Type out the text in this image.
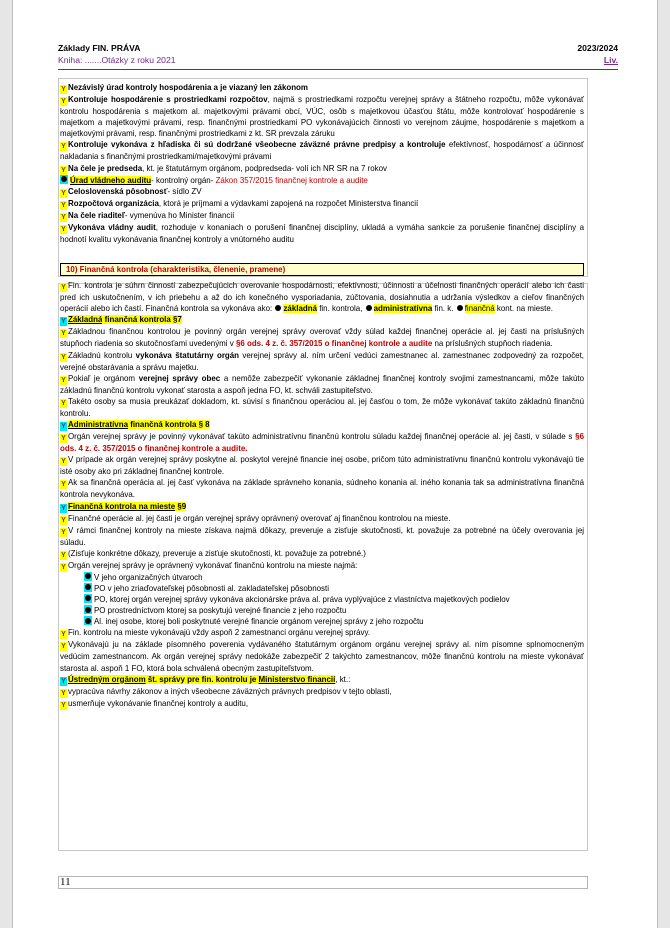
Základy FIN. PRÁVA	2023/2024
Kniha: .......Otázky z roku 2021	Liv.

Y Nezávislý úrad kontroly hospodárenia a je viazaný len zákonom

Y Kontroluje hospodárenie s prostriedkami rozpočtov, najmä s prostriedkami rozpočtu verejnej správy a štátneho rozpočtu, môže vykonávať kontrolu hospodárenia s majetkom al. majetkovými právami obcí, VÚC, osôb s majetkovou účasťou štátu, môže kontrolovať hospodárenie s majetkom a majetkovými právami, resp. finančnými prostriedkami PO vykonávajúcich činnosti vo verejnom záujme, hospodárenie s majetkom a majetkovými právami, resp. finančnými prostriedkami z kt. SR prevzala záruku

Y Kontroluje vykonáva z hľadiska či sú dodržané všeobecne záväzné právne predpisy a kontroluje efektívnosť, hospodárnosť a účinnosť nakladania s finančnými prostriedkami/majetkovými právami

Y Na čele je predseda, kt. je štatutárnym orgánom, podpredseda- volí ich NR SR na 7 rokov

Úrad vládneho auditu- kontrolný orgán- Zákon 357/2015 finančnej kontrole a audite

Y Celoslovenská pôsobnosť- sídlo ZV

Y Rozpočtová organizácia, ktorá je príjmami a výdavkami zapojená na rozpočet Ministerstva financií

Y Na čele riaditeľ- vymenúva ho Minister financií

Y Vykonáva vládny audit, rozhoduje v konaniach o porušení finančnej disciplíny, ukladá a vymáha sankcie za porušenie finančnej disciplíny a hodnotí kvalitu vykonávania finančnej kontroly a vnútorného auditu

10) Finančná kontrola (charakteristika, členenie, pramene)

Y Fin. kontrola je súhrn činností zabezpečujúcich overovanie hospodárnosti, efektívnosti, účinnosti a účelnosti finančných operácií alebo ich časti pred ich uskutočnením, v ich priebehu a až do ich konečného vysporiadania, zúčtovania, dosiahnutia a udržania výsledkov a cieľov finančných operácií alebo ich častí. Finančná kontrola sa vykonáva ako: základná fin. kontrola, administratívna fin. k. finančná kont. na mieste.

Y Základná finančná kontrola §7

Y Základnou finančnou kontrolou je povinný orgán verejnej správy overovať vždy súlad každej finančnej operácie al. jej časti na príslušných stupňoch riadenia so skutočnosťami uvedenými v §6 ods. 4 z. č. 357/2015 o finančnej kontrole a audite na príslušných stupňoch riadenia.

Y Základnú kontrolu vykonáva štatutárny orgán verejnej správy al. ním určení vedúci zamestnanec al. zamestnanec zodpovedný za rozpočet, verejné obstarávania a správu majetku.

Y Pokiaľ je orgánom verejnej správy obec a nemôže zabezpečiť vykonanie základnej finančnej kontroly svojimi zamestnancami, môže takúto základnú finančnú kontrolu vykonať starosta a aspoň jedna FO, kt. schváli zastupiteľstvo.

Y Takéto osoby sa musia preukázať dokladom, kt. súvisí s finančnou operáciou al. jej časťou o tom, že môže vykonávať takúto základnú finančnú kontrolu.

Y Administratívna finančná kontrola § 8

Y Orgán verejnej správy je povinný vykonávať takúto administratívnu finančnú kontrolu súladu každej finančnej operácie al. jej časti, v súlade s §6 ods. 4 z. č. 357/2015 o finančnej kontrole a audite.

Y V prípade ak orgán verejnej správy poskytne al. poskytol verejné financie inej osobe, pričom túto administratívnu finančnú kontrolu vykonávajú tie isté osoby ako pri základnej finančnej kontrole.

Y Ak sa finančná operácia al. jej časť vykonáva na základe správneho konania, súdneho konania al. iného konania tak sa administratívna finančná kontrola nevykonáva.

Y Finančná kontrola na mieste §9

Y Finančné operácie al. jej časti je orgán verejnej správy oprávnený overovať aj finančnou kontrolou na mieste.

Y V rámci finančnej kontroly na mieste získava najmä dôkazy, preveruje a zisťuje skutočnosti, kt. považuje za potrebné na účely overovania jej súladu.

Y (Zisťuje konkrétne dôkazy, preveruje a zisťuje skutočnosti, kt. považuje za potrebné.)

Y Orgán verejnej správy je oprávnený vykonávať finančnú kontrolu na mieste najmä:

V jeho organizačných útvaroch

PO v jeho zriaďovateľskej pôsobnosti al. zakladateľskej pôsobnosti

PO, ktorej orgán verejnej správy vykonáva akcionárske práva al. práva vyplývajúce z vlastníctva majetkových podielov

PO prostredníctvom ktorej sa poskytujú verejné financie z jeho rozpočtu

Al. inej osobe, ktorej boli poskytnuté verejné financie orgánom verejnej správy z jeho rozpočtu

Y Fin. kontrolu na mieste vykonávajú vždy aspoň 2 zamestnanci orgánu verejnej správy.

Y Vykonávajú ju na základe písomného poverenia vydávaného štatutárnym orgánom orgánu verejnej správy al. ním písomne splnomocneným vedúcim zamestnancom. Ak orgán verejnej správy nedokáže zabezpečiť 2 takýchto zamestnancov, môže finančnú kontrolu na mieste vykonávať starosta al. aspoň 1 FO, ktorá bola schválená obecným zastupiteľstvom.

Y Ústredným orgánom št. správy pre fin. kontrolu je Ministerstvo financií, kt.:

Y vypracúva návrhy zákonov a iných všeobecne záväzných právnych predpisov v tejto oblasti,

Y usmerňuje vykonávanie finančnej kontroly a auditu,

11
